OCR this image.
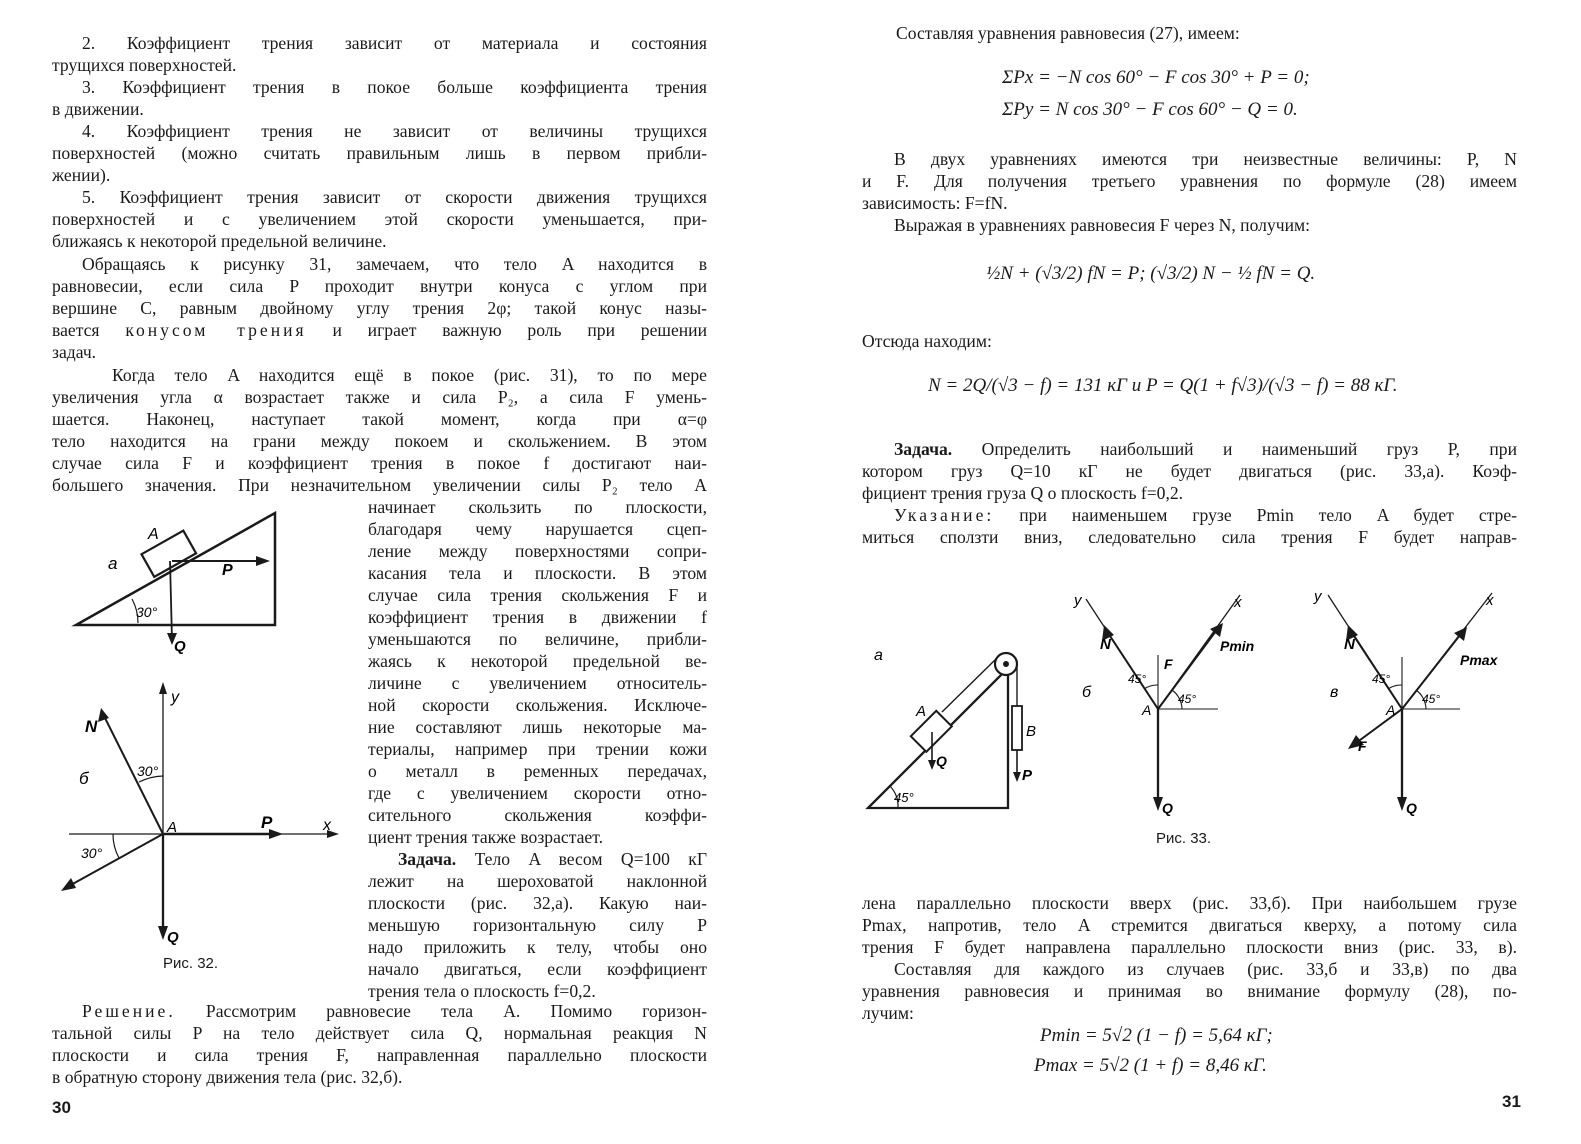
2. Коэффициент трения зависит от материала и состояния
трущихся поверхностей.
3. Коэффициент трения в покое больше коэффициента трения
в движении.
4. Коэффициент трения не зависит от величины трущихся
поверхностей (можно считать правильным лишь в первом прибли-
жении).
5. Коэффициент трения зависит от скорости движения трущихся
поверхностей и с увеличением этой скорости уменьшается, при-
ближаясь к некоторой предельной величине.
Обращаясь к рисунку 31, замечаем, что тело A находится в
равновесии, если сила P проходит внутри конуса с углом при
вершине C, равным двойному углу трения 2φ; такой конус назы-
вается конусом трения и играет важную роль при решении
задач.
Когда тело A находится ещё в покое (рис. 31), то по мере
увеличения угла α возрастает также и сила P₂, а сила F умень-
шается. Наконец, наступает такой момент, когда при α=φ
тело находится на грани между покоем и скольжением. В этом
случае сила F и коэффициент трения в покое f достигают наи-
большего значения. При незначительном увеличении силы P₂ тело A
начинает скользить по плоскости,
благодаря чему нарушается сцеп-
ление между поверхностями сопри-
касания тела и плоскости. В этом
случае сила трения скольжения F и
коэффициент трения в движении f
уменьшаются по величине, прибли-
жаясь к некоторой предельной ве-
личине с увеличением относитель-
ной скорости скольжения. Исключе-
ние составляют лишь некоторые ма-
териалы, например при трении кожи
о металл в ременных передачах,
где с увеличением скорости отно-
сительного скольжения коэффи-
циент трения также возрастает.
Задача. Тело A весом Q=100 кГ
лежит на шероховатой наклонной
плоскости (рис. 32,а). Какую наи-
меньшую горизонтальную силу P
надо приложить к телу, чтобы оно
начало двигаться, если коэффициент
трения тела о плоскость f=0,2.
Решение. Рассмотрим равновесие тела A. Помимо горизон-
тальной силы P на тело действует сила Q, нормальная реакция N
плоскости и сила трения F, направленная параллельно плоскости
в обратную сторону движения тела (рис. 32,б).
а
A
P
Q
30°
N
y
б	30°
A	P	x
30°
Q
Рис. 32.
30
Составляя уравнения равновесия (27), имеем:
ΣPx = −N cos 60° − F cos 30° + P = 0;
ΣPy = N cos 30° − F cos 60° − Q = 0.
В двух уравнениях имеются три неизвестные величины: P, N
и F. Для получения третьего уравнения по формуле (28) имеем
зависимость: F=fN.
Выражая в уравнениях равновесия F через N, получим:
½N + (√3/2) fN = P; (√3/2) N − ½ fN = Q.
Отсюда находим:
N = 2Q/(√3 − f) = 131 кГ и P = Q(1 + f√3)/(√3 − f) = 88 кГ.
Задача. Определить наибольший и наименьший груз P, при
котором груз Q=10 кГ не будет двигаться (рис. 33,а). Коэф-
фициент трения груза Q о плоскость f=0,2.
Указание: при наименьшем грузе Pmin тело A будет стре-
миться сползти вниз, следовательно сила трения F будет направ-
а
A
B
P
Q
45°
y	x
N
F
Pmin
б
45°
45°
A
Q
y	x
N
Pmax
в
45°
45°
A
F
Q
Рис. 33.
лена параллельно плоскости вверх (рис. 33,б). При наибольшем грузе
Pmax, напротив, тело A стремится двигаться кверху, а потому сила
трения F будет направлена параллельно плоскости вниз (рис. 33, в).
Составляя для каждого из случаев (рис. 33,б и 33,в) по два
уравнения равновесия и принимая во внимание формулу (28), по-
лучим:
Pmin = 5√2 (1 − f) = 5,64 кГ;
Pmax = 5√2 (1 + f) = 8,46 кГ.
31
